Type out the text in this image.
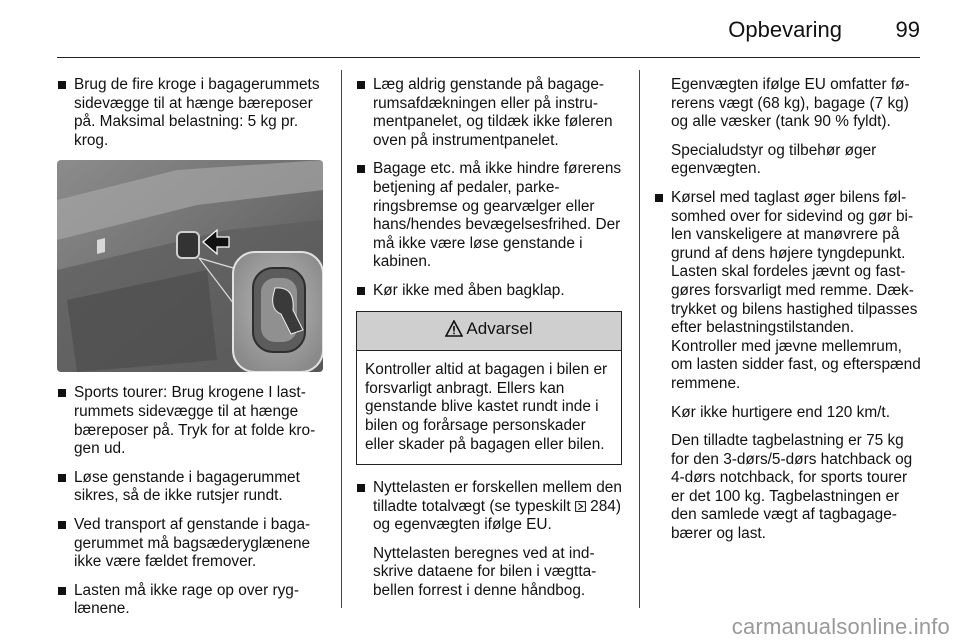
Opbevaring 99
Brug de fire kroge i bagagerummets sidevægge til at hænge bæreposer på. Maksimal belastning: 5 kg pr. krog.
Sports tourer: Brug krogene I lastrummets sidevægge til at hænge bæreposer på. Tryk for at folde krogen ud.
Løse genstande i bagagerummet sikres, så de ikke rutsjer rundt.
Ved transport af genstande i bagagerummet må bagsæderyglænene ikke være fældet fremover.
Lasten må ikke rage op over ryglænene.
Læg aldrig genstande på bagagerumsafdækningen eller på instrumentpanelet, og tildæk ikke føleren oven på instrumentpanelet.
Bagage etc. må ikke hindre førerens betjening af pedaler, parkeringsbremse og gearvælger eller hans/hendes bevægelsesfrihed. Der må ikke være løse genstande i kabinen.
Kør ikke med åben bagklap.
Advarsel
Kontroller altid at bagagen i bilen er forsvarligt anbragt. Ellers kan genstande blive kastet rundt inde i bilen og forårsage personskader eller skader på bagagen eller bilen.
Nyttelasten er forskellen mellem den tilladte totalvægt (se typeskilt 284) og egenvægten ifølge EU.
Nyttelasten beregnes ved at indskrive dataene for bilen i vægttabellen forrest i denne håndbog.
Egenvægten ifølge EU omfatter førerens vægt (68 kg), bagage (7 kg) og alle væsker (tank 90 % fyldt).
Specialudstyr og tilbehør øger egenvægten.
Kørsel med taglast øger bilens følsomhed over for sidevind og gør bilen vanskeligere at manøvrere på grund af dens højere tyngdepunkt. Lasten skal fordeles jævnt og fastgøres forsvarligt med remme. Dæktrykket og bilens hastighed tilpasses efter belastningstilstanden. Kontroller med jævne mellemrum, om lasten sidder fast, og efterspænd remmene.
Kør ikke hurtigere end 120 km/t.
Den tilladte tagbelastning er 75 kg for den 3-dørs/5-dørs hatchback og 4-dørs notchback, for sports tourer er det 100 kg. Tagbelastningen er den samlede vægt af tagbagagebærer og last.
carmanualsonline.info
